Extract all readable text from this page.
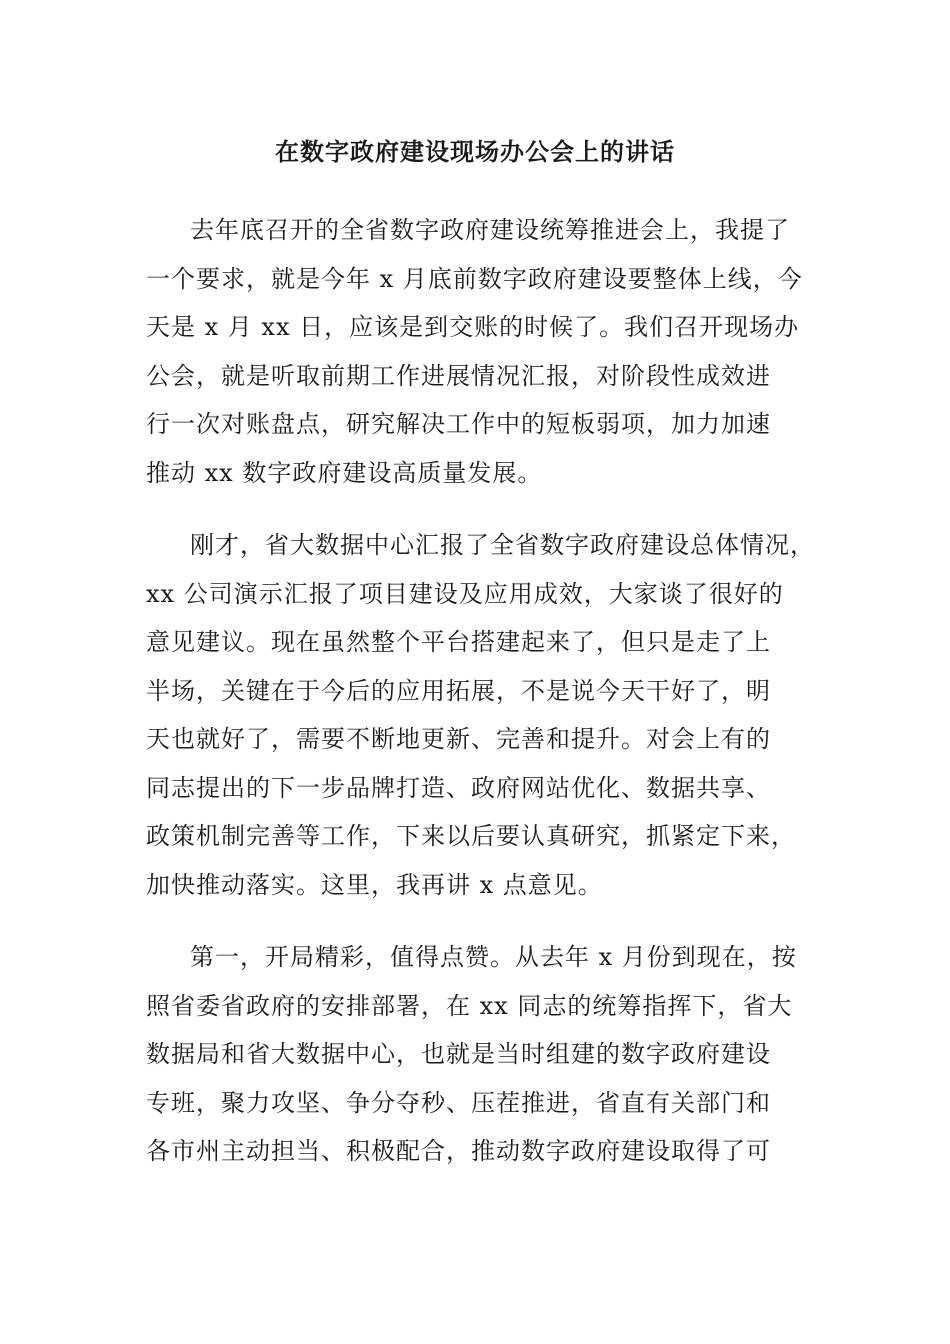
在数字政府建设现场办公会上的讲话
去年底召开的全省数字政府建设统筹推进会上，我提了
一个要求，就是今年 x 月底前数字政府建设要整体上线，今
天是 x 月 xx 日，应该是到交账的时候了。我们召开现场办
公会，就是听取前期工作进展情况汇报，对阶段性成效进
行一次对账盘点，研究解决工作中的短板弱项，加力加速
推动 xx 数字政府建设高质量发展。
刚才，省大数据中心汇报了全省数字政府建设总体情况，
xx 公司演示汇报了项目建设及应用成效，大家谈了很好的
意见建议。现在虽然整个平台搭建起来了，但只是走了上
半场，关键在于今后的应用拓展，不是说今天干好了，明
天也就好了，需要不断地更新、完善和提升。对会上有的
同志提出的下一步品牌打造、政府网站优化、数据共享、
政策机制完善等工作，下来以后要认真研究，抓紧定下来，
加快推动落实。这里，我再讲 x 点意见。
第一，开局精彩，值得点赞。从去年 x 月份到现在，按
照省委省政府的安排部署，在 xx 同志的统筹指挥下，省大
数据局和省大数据中心，也就是当时组建的数字政府建设
专班，聚力攻坚、争分夺秒、压茬推进，省直有关部门和
各市州主动担当、积极配合，推动数字政府建设取得了可
